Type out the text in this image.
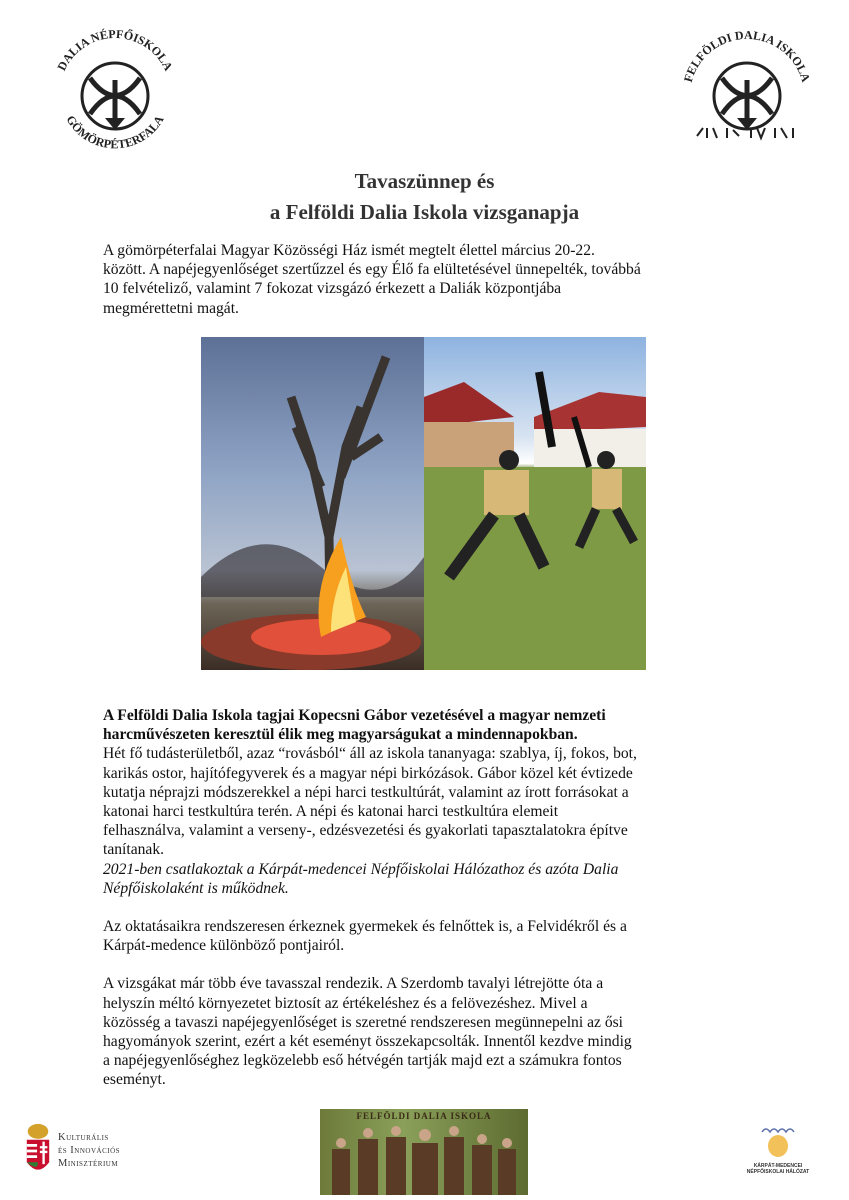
DALIA NÉPFŐISKOLA
GÖMÖRPÉTERFALA
FELFÖLDI DALIA ISKOLA
Tavaszünnep és
a Felföldi Dalia Iskola vizsganapja
A gömörpéterfalai Magyar Közösségi Ház ismét megtelt élettel március 20-22.
között. A napéjegyenlőséget szertűzzel és egy Élő fa elültetésével ünnepelték, továbbá
10 felvételiző, valamint 7 fokozat vizsgázó érkezett a Daliák központjába
megmérettetni magát.
A Felföldi Dalia Iskola tagjai Kopecsni Gábor vezetésével a magyar nemzeti
harcművészeten keresztül élik meg magyarságukat a mindennapokban.
Hét fő tudásterületből, azaz “rovásból“ áll az iskola tananyaga: szablya, íj, fokos, bot,
karikás ostor, hajítófegyverek és a magyar népi birkózások. Gábor közel két évtizede
kutatja néprajzi módszerekkel a népi harci testkultúrát, valamint az írott forrásokat a
katonai harci testkultúra terén. A népi és katonai harci testkultúra elemeit
felhasználva, valamint a verseny-, edzésvezetési és gyakorlati tapasztalatokra építve
tanítanak.
2021-ben csatlakoztak a Kárpát-medencei Népfőiskolai Hálózathoz és azóta Dalia
Népfőiskolaként is működnek.
Az oktatásaikra rendszeresen érkeznek gyermekek és felnőttek is, a Felvidékről és a
Kárpát-medence különböző pontjairól.
A vizsgákat már több éve tavasszal rendezik. A Szerdomb tavalyi létrejötte óta a
helyszín méltó környezetet biztosít az értékeléshez és a felövezéshez. Mivel a
közösség a tavaszi napéjegyenlőséget is szeretné rendszeresen megünnepelni az ősi
hagyományok szerint, ezért a két eseményt összekapcsolták. Innentől kezdve mindig
a napéjegyenlőséghez legközelebb eső hétvégén tartják majd ezt a számukra fontos
eseményt.
Kulturális
és Innovációs
Minisztérium
FELFÖLDI DALIA ISKOLA
KÁRPÁT-MEDENCEI
NÉPFŐISKOLAI HÁLÓZAT
